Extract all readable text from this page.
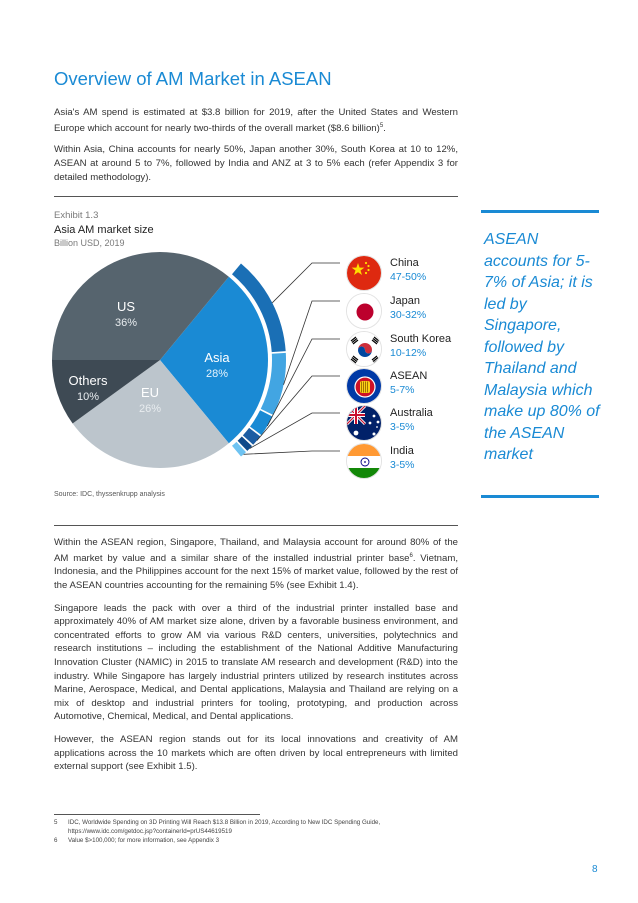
Overview of AM Market in ASEAN

Asia's AM spend is estimated at $3.8 billion for 2019, after the United States and Western Europe which account for nearly two-thirds of the overall market ($8.6 billion)$^5$.

Within Asia, China accounts for nearly 50%, Japan another 30%, South Korea at 10 to 12%, ASEAN at around 5 to 7%, followed by India and ANZ at 3 to 5% each (refer Appendix 3 for detailed methodology).

Exhibit 1.3
Asia AM market size
Billion USD, 2019
Asia
28%
EU
26%
Others
10%
US
36%
Source: IDC, thyssenkrupp analysis
China
47-50%
Japan
30-32%
South Korea
10-12%
ASEAN
5-7%
Australia
3-5%
India
3-5%
ASEAN accounts for 5-7% of Asia; it is led by Singapore, followed by Thailand and Malaysia which make up 80% of the ASEAN market

Within the ASEAN region, Singapore, Thailand, and Malaysia account for around 80% of the AM market by value and a similar share of the installed industrial printer base$^6$. Vietnam, Indonesia, and the Philippines account for the next 15% of market value, followed by the rest of the ASEAN countries accounting for the remaining 5% (see Exhibit 1.4).

Singapore leads the pack with over a third of the industrial printer installed base and approximately 40% of AM market size alone, driven by a favorable business environment, and concentrated efforts to grow AM via various R&D centers, universities, polytechnics and research institutions – including the establishment of the National Additive Manufacturing Innovation Cluster (NAMIC) in 2015 to translate AM research and development (R&D) into the industry. While Singapore has largely industrial printers utilized by research institutes across Marine, Aerospace, Medical, and Dental applications, Malaysia and Thailand are relying on a mix of desktop and industrial printers for tooling, prototyping, and production across Automotive, Chemical, Medical, and Dental applications.

However, the ASEAN region stands out for its local innovations and creativity of AM applications across the 10 markets which are often driven by local entrepreneurs with limited external support (see Exhibit 1.5).

5	IDC, Worldwide Spending on 3D Printing Will Reach $13.8 Billion in 2019, According to New IDC Spending Guide, https://www.idc.com/getdoc.jsp?containerId=prUS44619519
6	Value $>100,000; for more information, see Appendix 3
8
